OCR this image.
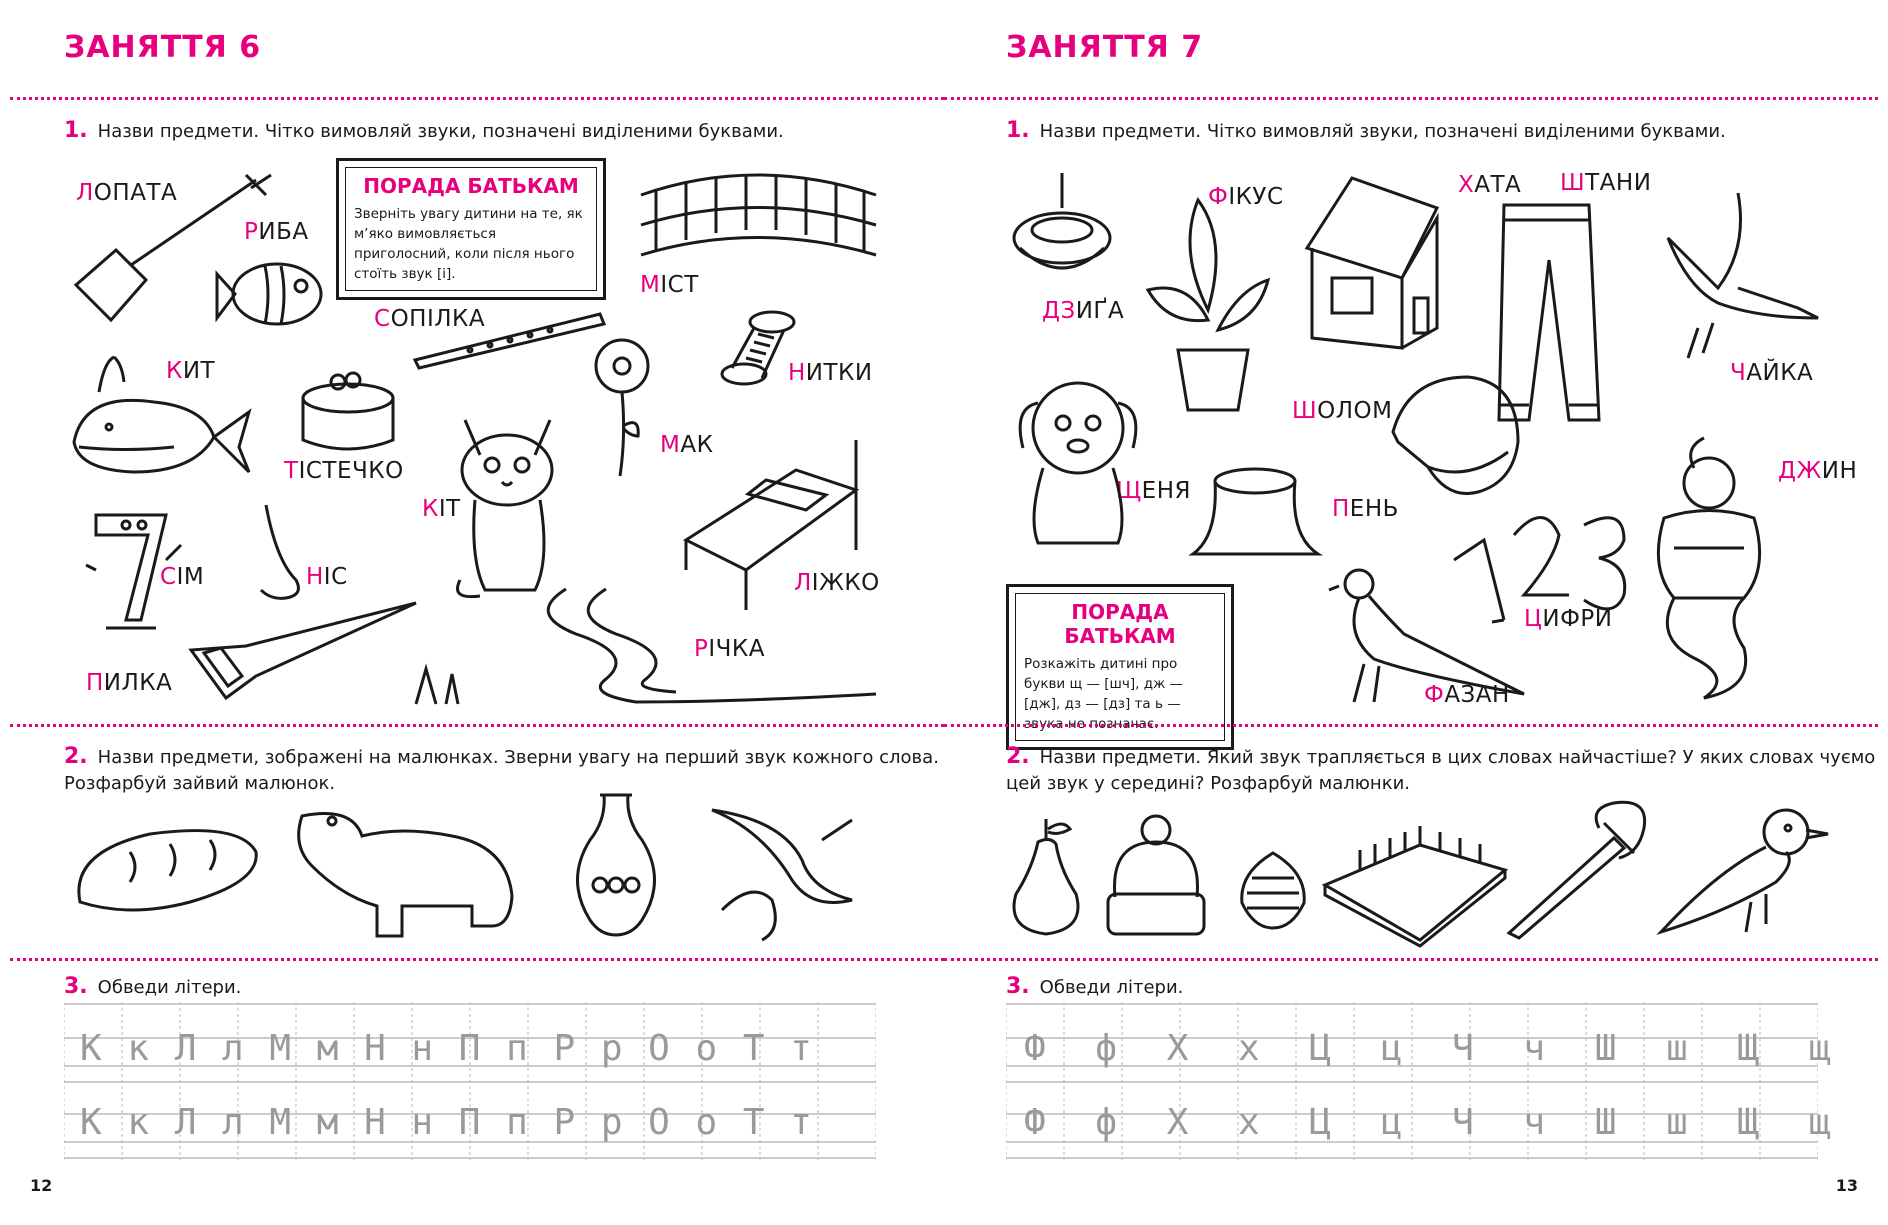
ЗАНЯТТЯ 6
1. Назви предмети. Чітко вимовляй звуки, позначені виділеними буквами.
ПОРАДА БАТЬКАМ
Зверніть увагу дитини на те, як м’яко вимовляється приголосний, коли після нього стоїть звук [і].
ЛОПАТА
РИБА
СОПІЛКА
МІСТ
КИТ	НИТКИ
ТІСТЕЧКО
МАК
КІТ
СІМ	НІС	ЛІЖКО
РІЧКА
ПИЛКА
2. Назви предмети, зображені на малюнках. Зверни увагу на перший звук кожного слова.
Розфарбуй зайвий малюнок.
3. Обведи літери.
К к Л л М м Н н П п Р р О о Т т
К к Л л М м Н н П п Р р О о Т т
12
ЗАНЯТТЯ 7
1. Назви предмети. Чітко вимовляй звуки, позначені виділеними буквами.
ФІКУС	ХАТА ШТАНИ
ДЗИҐА
ЧАЙКА
ШОЛОМ
ЩЕНЯ
ПЕНЬ
ДЖИН
ЦИФРИ
ФАЗАН
ПОРАДА БАТЬКАМ
Розкажіть дитині про букви щ — [шч], дж — [дж], дз — [дз] та ь — звука не позначає.
2. Назви предмети. Який звук трапляється в цих словах найчастіше? У яких словах чуємо
цей звук у середині? Розфарбуй малюнки.
3. Обведи літери.
Ф ф Х х Ц ц Ч ч Ш ш Щ щ
Ф ф Х х Ц ц Ч ч Ш ш Щ щ
13
